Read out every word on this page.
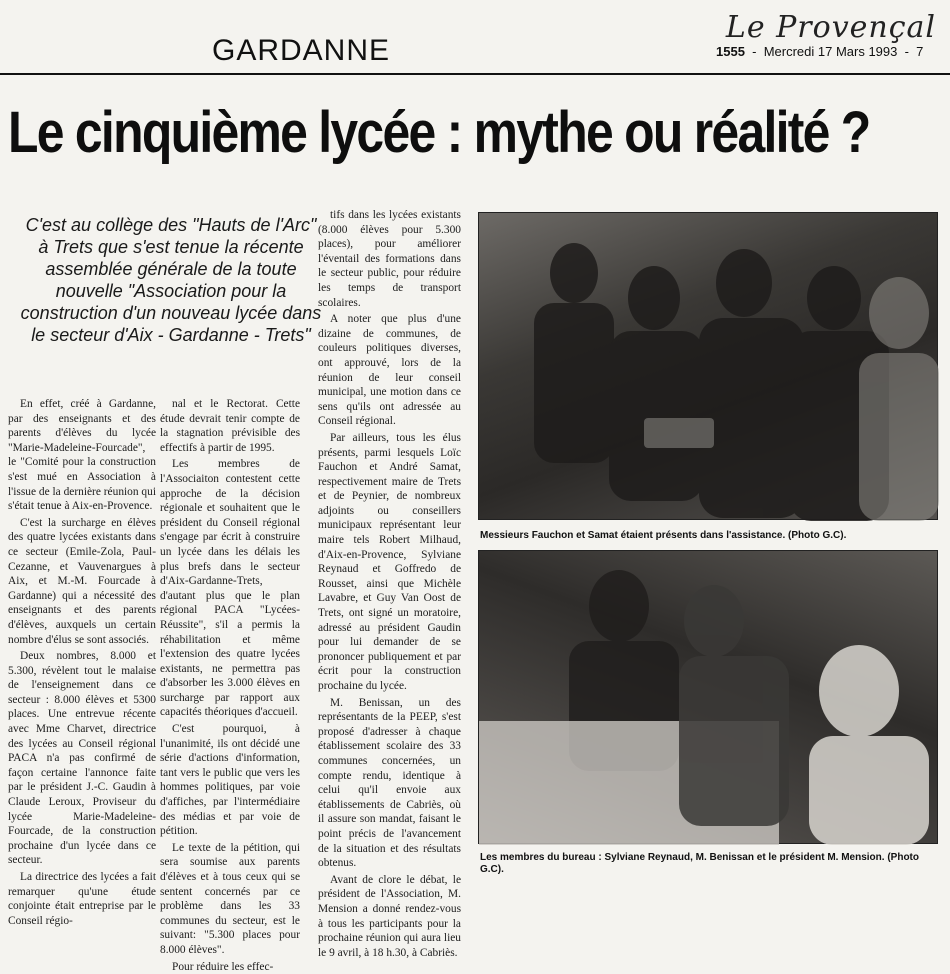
Le Provençal
GARDANNE	1555  -  Mercredi 17 Mars 1993  -  7
Le cinquième lycée : mythe ou réalité ?
C'est au collège des "Hauts de l'Arc" à Trets que s'est tenue la récente assemblée générale de la toute nouvelle "Association pour la construction d'un nouveau lycée dans le secteur d'Aix - Gardanne - Trets"

En effet, créé à Gardanne, par des enseignants et des parents d'élèves du lycée "Marie-Madeleine-Fourcade", le "Comité pour la construction s'est mué en Association à l'issue de la dernière réunion qui s'était tenue à Aix-en-Provence.

C'est la surcharge en élèves des quatre lycées existants dans ce secteur (Emile-Zola, Paul-Cezanne, et Vauvenargues à Aix, et M.-M. Fourcade à Gardanne) qui a nécessité des enseignants et des parents d'élèves, auxquels un certain nombre d'élus se sont associés.

Deux nombres, 8.000 et 5.300, révèlent tout le malaise de l'enseignement dans ce secteur : 8.000 élèves et 5300 places. Une entrevue récente avec Mme Charvet, directrice des lycées au Conseil régional PACA n'a pas confirmé de façon certaine l'annonce faite par le président J.-C. Gaudin à Claude Leroux, Proviseur du lycée Marie-Madeleine-Fourcade, de la construction prochaine d'un lycée dans ce secteur.

La directrice des lycées a fait remarquer qu'une étude conjointe était entreprise par le Conseil régio-

nal et le Rectorat. Cette étude devrait tenir compte de la stagnation prévisible des effectifs à partir de 1995.

Les membres de l'Associaiton contestent cette approche de la décision régionale et souhaitent que le président du Conseil régional s'engage par écrit à construire un lycée dans les délais les plus brefs dans le secteur d'Aix-Gardanne-Trets, d'autant plus que le plan régional PACA "Lycées-Réussite", s'il a permis la réhabilitation et même l'extension des quatre lycées existants, ne permettra pas d'absorber les 3.000 élèves en surcharge par rapport aux capacités théoriques d'accueil.

C'est pourquoi, à l'unanimité, ils ont décidé une série d'actions d'information, tant vers le public que vers les hommes politiques, par voie d'affiches, par l'intermédiaire des médias et par voie de pétition.

Le texte de la pétition, qui sera soumise aux parents d'élèves et à tous ceux qui se sentent concernés par ce problème dans les 33 communes du secteur, est le suivant: "5.300 places pour 8.000 élèves".

Pour réduire les effec-

tifs dans les lycées existants (8.000 élèves pour 5.300 places), pour améliorer l'éventail des formations dans le secteur public, pour réduire les temps de transport scolaires.

A noter que plus d'une dizaine de communes, de couleurs politiques diverses, ont approuvé, lors de la réunion de leur conseil municipal, une motion dans ce sens qu'ils ont adressée au Conseil régional.

Par ailleurs, tous les élus présents, parmi lesquels Loïc Fauchon et André Samat, respectivement maire de Trets et de Peynier, de nombreux adjoints ou conseillers municipaux représentant leur maire tels Robert Milhaud, d'Aix-en-Provence, Sylviane Reynaud et Goffredo de Rousset, ainsi que Michèle Lavabre, et Guy Van Oost de Trets, ont signé un moratoire, adressé au président Gaudin pour lui demander de se prononcer publiquement et par écrit pour la construction prochaine du lycée.

M. Benissan, un des représentants de la PEEP, s'est proposé d'adresser à chaque établissement scolaire des 33 communes concernées, un compte rendu, identique à celui qu'il envoie aux établissements de Cabriès, où il assure son mandat, faisant le point précis de l'avancement de la situation et des résultats obtenus.

Avant de clore le débat, le président de l'Association, M. Mension a donné rendez-vous à tous les participants pour la prochaine réunion qui aura lieu le 9 avril, à 18 h.30, à Cabriès.

Messieurs Fauchon et Samat étaient présents dans l'assistance. (Photo G.C).
Les membres du bureau : Sylviane Reynaud, M. Benissan et le président M. Mension. (Photo G.C).
